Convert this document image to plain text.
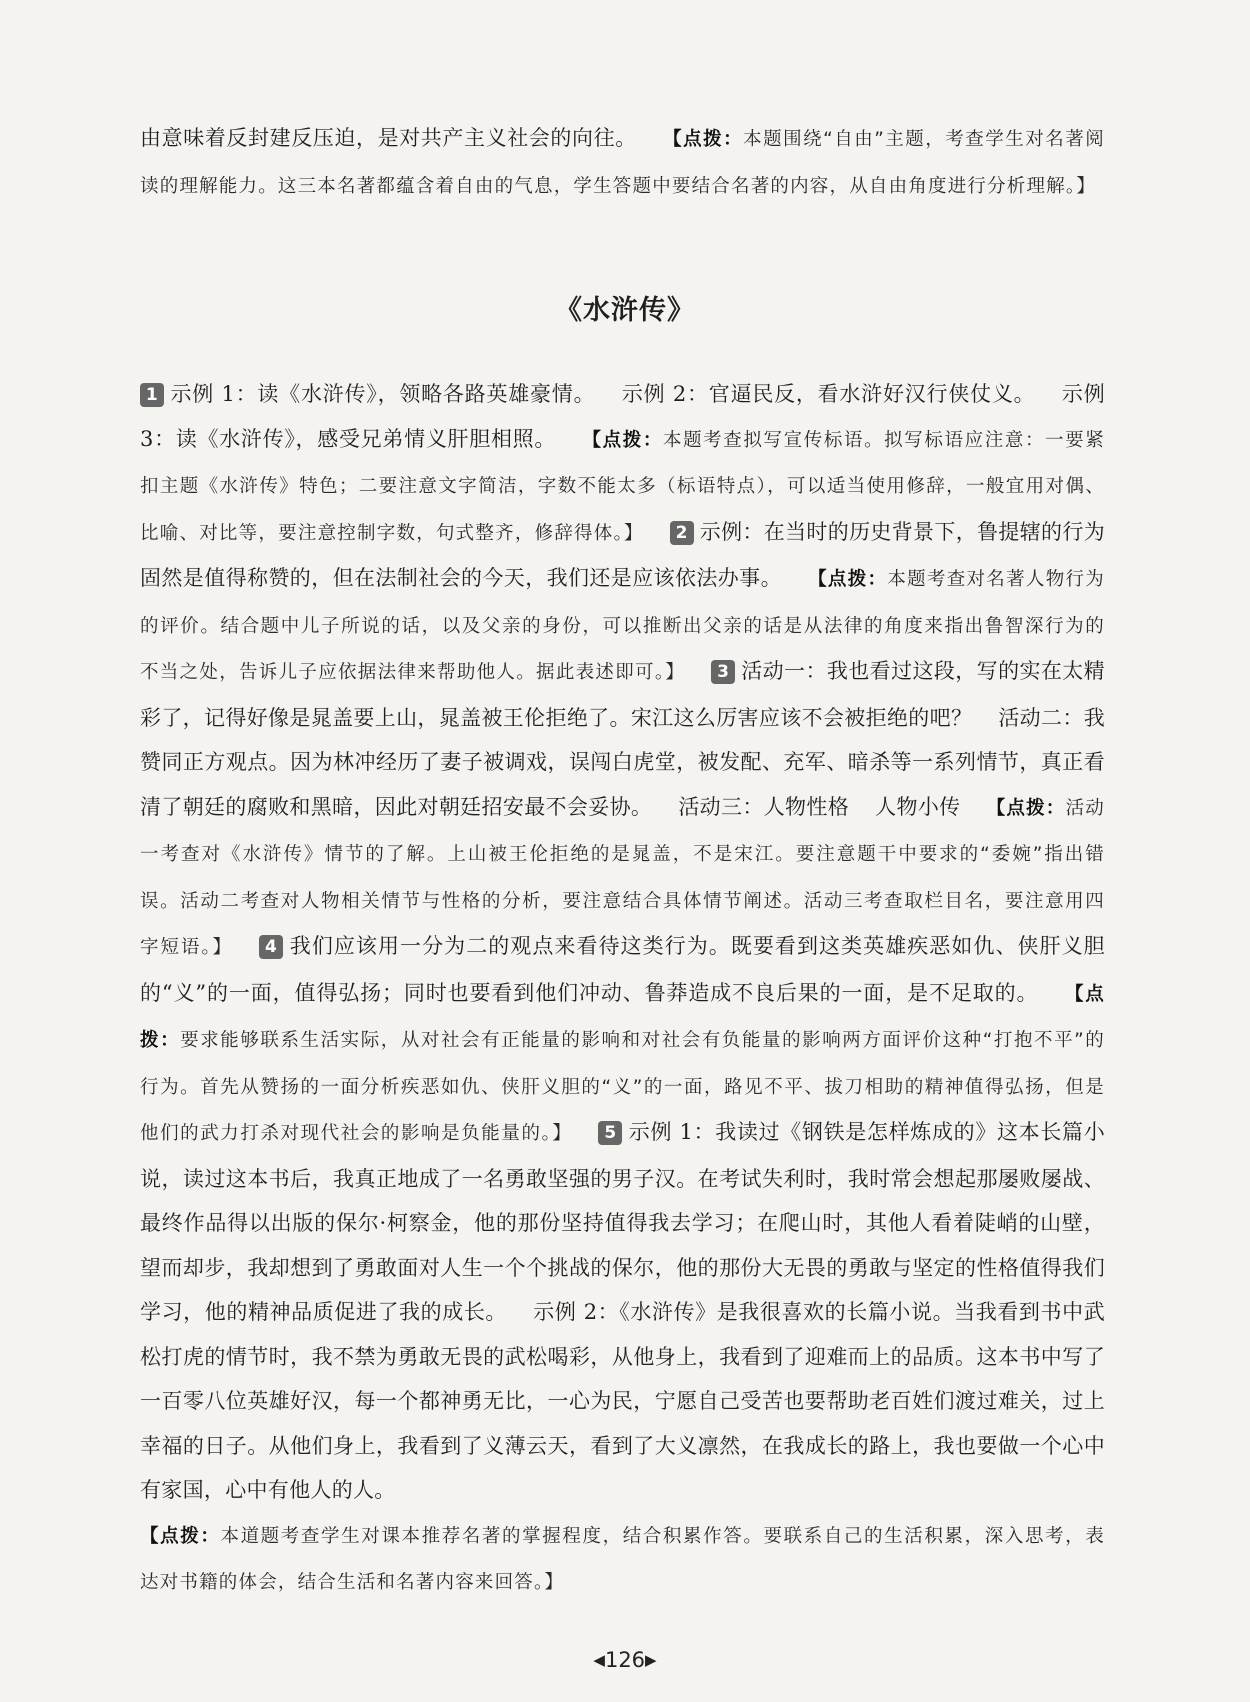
由意味着反封建反压迫，是对共产主义社会的向往。 【点拨：本题围绕“自由”主题，考查学生对名著阅读的理解能力。这三本名著都蕴含着自由的气息，学生答题中要结合名著的内容，从自由角度进行分析理解。】
《水浒传》
1 示例 1：读《水浒传》，领略各路英雄豪情。 示例 2：官逼民反，看水浒好汉行侠仗义。 示例 3：读《水浒传》，感受兄弟情义肝胆相照。 【点拨：本题考查拟写宣传标语。拟写标语应注意：一要紧扣主题《水浒传》特色；二要注意文字简洁，字数不能太多（标语特点），可以适当使用修辞，一般宜用对偶、比喻、对比等，要注意控制字数，句式整齐，修辞得体。】 2 示例：在当时的历史背景下，鲁提辖的行为固然是值得称赞的，但在法制社会的今天，我们还是应该依法办事。 【点拨：本题考查对名著人物行为的评价。结合题中儿子所说的话，以及父亲的身份，可以推断出父亲的话是从法律的角度来指出鲁智深行为的不当之处，告诉儿子应依据法律来帮助他人。据此表述即可。】 3 活动一：我也看过这段，写的实在太精彩了，记得好像是晁盖要上山，晁盖被王伦拒绝了。宋江这么厉害应该不会被拒绝的吧？ 活动二：我赞同正方观点。因为林冲经历了妻子被调戏，误闯白虎堂，被发配、充军、暗杀等一系列情节，真正看清了朝廷的腐败和黑暗，因此对朝廷招安最不会妥协。 活动三：人物性格 人物小传 【点拨：活动一考查对《水浒传》情节的了解。上山被王伦拒绝的是晁盖，不是宋江。要注意题干中要求的“委婉”指出错误。活动二考查对人物相关情节与性格的分析，要注意结合具体情节阐述。活动三考查取栏目名，要注意用四字短语。】 4 我们应该用一分为二的观点来看待这类行为。既要看到这类英雄疾恶如仇、侠肝义胆的“义”的一面，值得弘扬；同时也要看到他们冲动、鲁莽造成不良后果的一面，是不足取的。 【点拨：要求能够联系生活实际，从对社会有正能量的影响和对社会有负能量的影响两方面评价这种“打抱不平”的行为。首先从赞扬的一面分析疾恶如仇、侠肝义胆的“义”的一面，路见不平、拔刀相助的精神值得弘扬，但是他们的武力打杀对现代社会的影响是负能量的。】 5 示例 1：我读过《钢铁是怎样炼成的》这本长篇小说，读过这本书后，我真正地成了一名勇敢坚强的男子汉。在考试失利时，我时常会想起那屡败屡战、最终作品得以出版的保尔·柯察金，他的那份坚持值得我去学习；在爬山时，其他人看着陡峭的山壁，望而却步，我却想到了勇敢面对人生一个个挑战的保尔，他的那份大无畏的勇敢与坚定的性格值得我们学习，他的精神品质促进了我的成长。 示例 2：《水浒传》是我很喜欢的长篇小说。当我看到书中武松打虎的情节时，我不禁为勇敢无畏的武松喝彩，从他身上，我看到了迎难而上的品质。这本书中写了一百零八位英雄好汉，每一个都神勇无比，一心为民，宁愿自己受苦也要帮助老百姓们渡过难关，过上幸福的日子。从他们身上，我看到了义薄云天，看到了大义凛然，在我成长的路上，我也要做一个心中有家国，心中有他人的人。
【点拨：本道题考查学生对课本推荐名著的掌握程度，结合积累作答。要联系自己的生活积累，深入思考，表达对书籍的体会，结合生活和名著内容来回答。】
◀126▶
